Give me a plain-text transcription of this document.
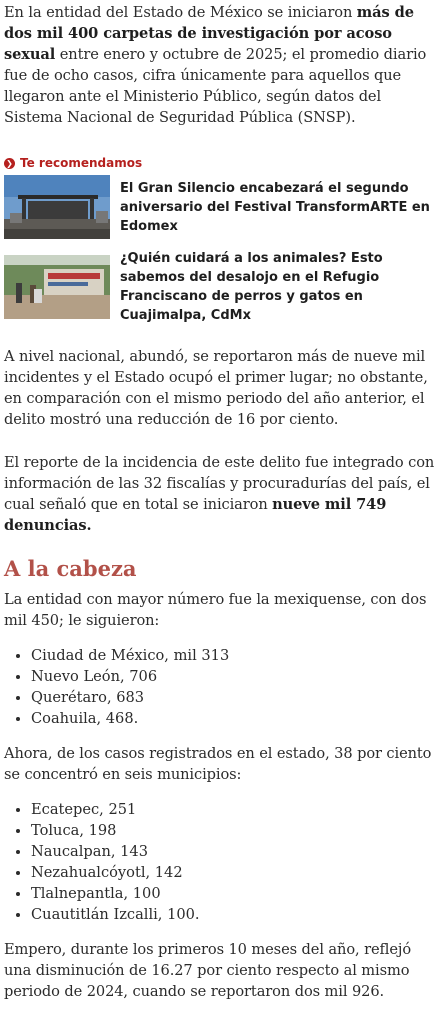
En la entidad del Estado de México se iniciaron más de dos mil 400 carpetas de investigación por acoso sexual entre enero y octubre de 2025; el promedio diario fue de ocho casos, cifra únicamente para aquellos que llegaron ante el Ministerio Público, según datos del Sistema Nacional de Seguridad Pública (SNSP).

❯ Te recomendamos
El Gran Silencio encabezará el segundo aniversario del Festival TransformARTE en Edomex
¿Quién cuidará a los animales? Esto sabemos del desalojo en el Refugio Franciscano de perros y gatos en Cuajimalpa, CdMx

A nivel nacional, abundó, se reportaron más de nueve mil incidentes y el Estado ocupó el primer lugar; no obstante, en comparación con el mismo periodo del año anterior, el delito mostró una reducción de 16 por ciento.

El reporte de la incidencia de este delito fue integrado con información de las 32 fiscalías y procuradurías del país, el cual señaló que en total se iniciaron nueve mil 749 denuncias.

A la cabeza

La entidad con mayor número fue la mexiquense, con dos mil 450; le siguieron:

• Ciudad de México, mil 313
• Nuevo León, 706
• Querétaro, 683
• Coahuila, 468.

Ahora, de los casos registrados en el estado, 38 por ciento se concentró en seis municipios:

• Ecatepec, 251
• Toluca, 198
• Naucalpan, 143
• Nezahualcóyotl, 142
• Tlalnepantla, 100
• Cuautitlán Izcalli, 100.

Empero, durante los primeros 10 meses del año, reflejó una disminución de 16.27 por ciento respecto al mismo periodo de 2024, cuando se reportaron dos mil 926.
